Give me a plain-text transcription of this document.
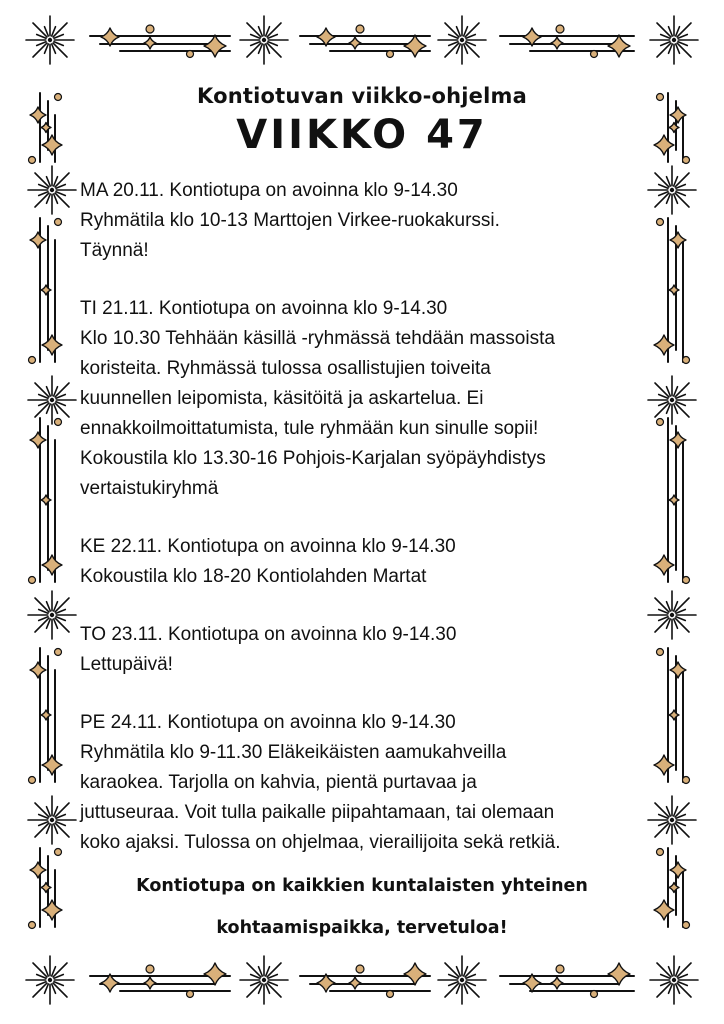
Kontiotuvan viikko-ohjelma
VIIKKO 47

MA 20.11. Kontiotupa on avoinna klo 9-14.30

Ryhmätila klo 10-13 Marttojen Virkee-ruokakurssi.

Täynnä!

TI 21.11. Kontiotupa on avoinna klo 9-14.30

Klo 10.30 Tehhään käsillä -ryhmässä tehdään massoista

koristeita. Ryhmässä tulossa osallistujien toiveita

kuunnellen leipomista, käsitöitä ja askartelua. Ei

ennakkoilmoittatumista, tule ryhmään kun sinulle sopii!

Kokoustila klo 13.30-16 Pohjois-Karjalan syöpäyhdistys

vertaistukiryhmä

KE 22.11. Kontiotupa on avoinna klo 9-14.30

Kokoustila klo 18-20 Kontiolahden Martat

TO 23.11. Kontiotupa on avoinna klo 9-14.30

Lettupäivä!

PE 24.11. Kontiotupa on avoinna klo 9-14.30

Ryhmätila klo 9-11.30 Eläkeikäisten aamukahveilla

karaokea. Tarjolla on kahvia, pientä purtavaa ja

juttuseuraa. Voit tulla paikalle piipahtamaan, tai olemaan

koko ajaksi. Tulossa on ohjelmaa, vierailijoita sekä retkiä.

Kontiotupa on kaikkien kuntalaisten yhteinen
kohtaamispaikka, tervetuloa!
